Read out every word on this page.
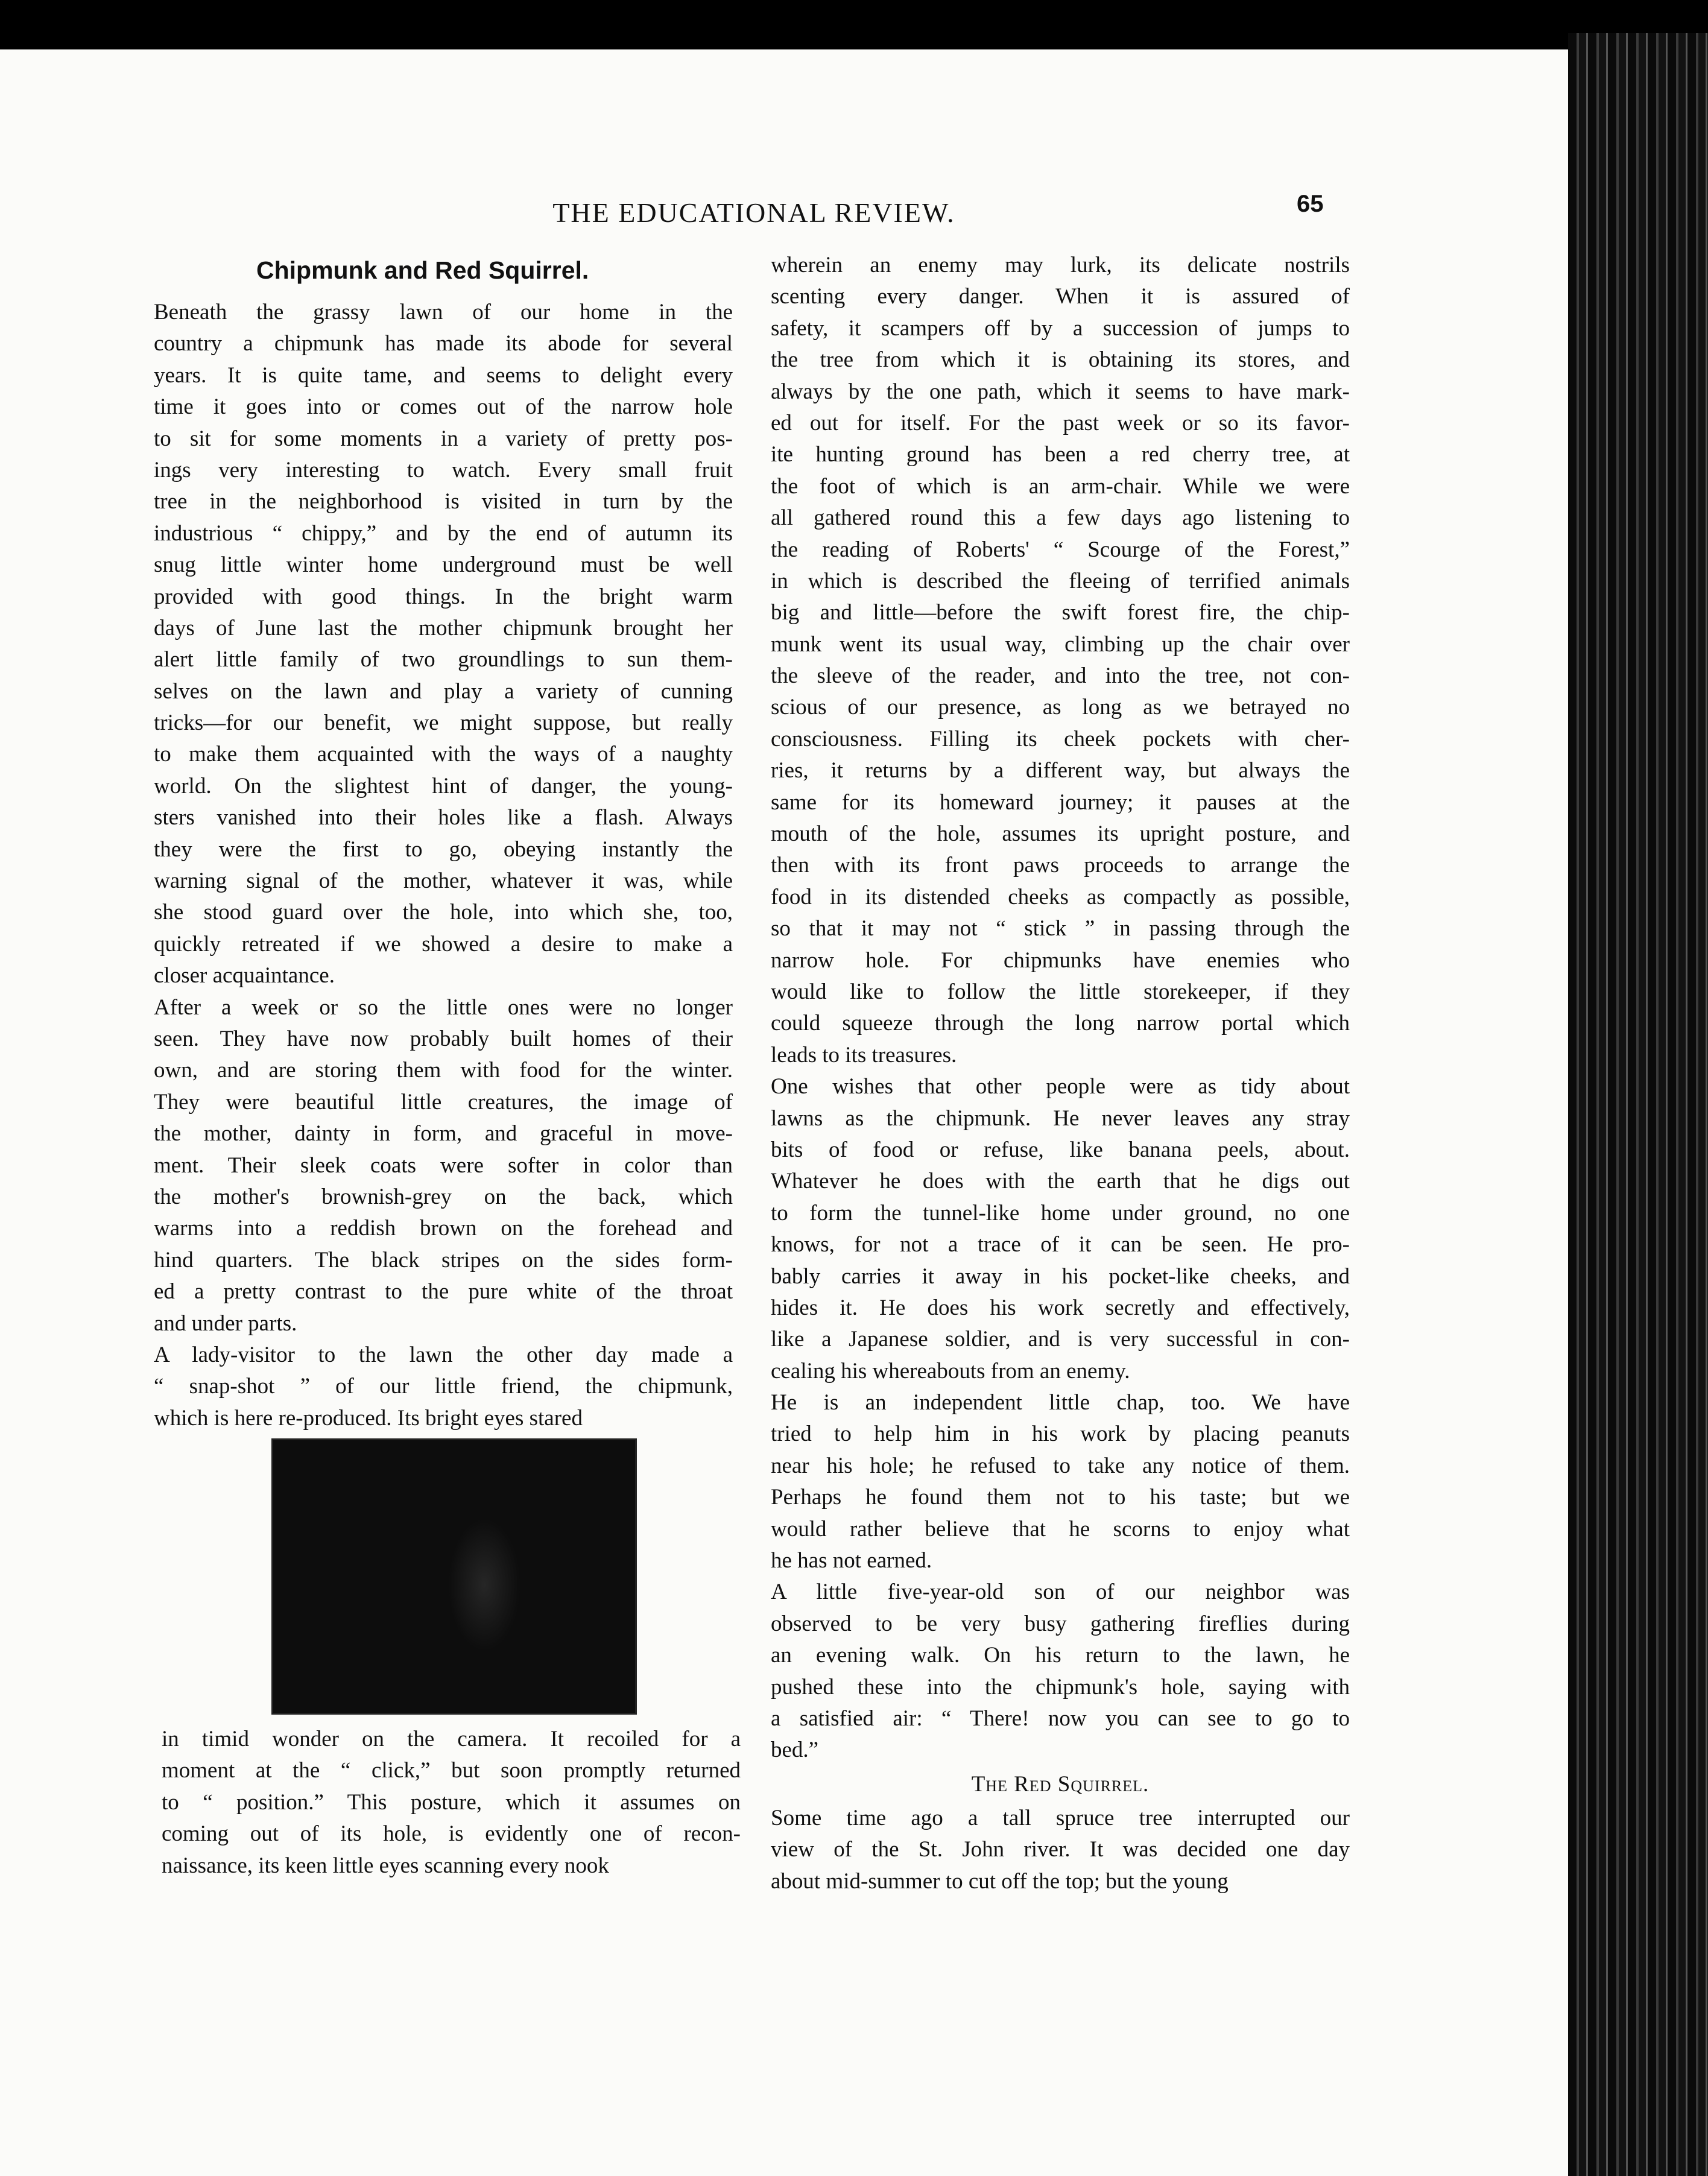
THE EDUCATIONAL REVIEW.	65
Chipmunk and Red Squirrel.
Beneath the grassy lawn of our home in the
country a chipmunk has made its abode for several
years. It is quite tame, and seems to delight every
time it goes into or comes out of the narrow hole
to sit for some moments in a variety of pretty pos-
ings very interesting to watch. Every small fruit
tree in the neighborhood is visited in turn by the
industrious “ chippy,” and by the end of autumn its
snug little winter home underground must be well
provided with good things. In the bright warm
days of June last the mother chipmunk brought her
alert little family of two groundlings to sun them-
selves on the lawn and play a variety of cunning
tricks—for our benefit, we might suppose, but really
to make them acquainted with the ways of a naughty
world. On the slightest hint of danger, the young-
sters vanished into their holes like a flash. Always
they were the first to go, obeying instantly the
warning signal of the mother, whatever it was, while
she stood guard over the hole, into which she, too,
quickly retreated if we showed a desire to make a
closer acquaintance.
After a week or so the little ones were no longer
seen. They have now probably built homes of their
own, and are storing them with food for the winter.
They were beautiful little creatures, the image of
the mother, dainty in form, and graceful in move-
ment. Their sleek coats were softer in color than
the mother's brownish-grey on the back, which
warms into a reddish brown on the forehead and
hind quarters. The black stripes on the sides form-
ed a pretty contrast to the pure white of the throat
and under parts.
A lady-visitor to the lawn the other day made a
“ snap-shot ” of our little friend, the chipmunk,
which is here re-produced. Its bright eyes stared
in timid wonder on the camera. It recoiled for a
moment at the “ click,” but soon promptly returned
to “ position.” This posture, which it assumes on
coming out of its hole, is evidently one of recon-
naissance, its keen little eyes scanning every nook
wherein an enemy may lurk, its delicate nostrils
scenting every danger. When it is assured of
safety, it scampers off by a succession of jumps to
the tree from which it is obtaining its stores, and
always by the one path, which it seems to have mark-
ed out for itself. For the past week or so its favor-
ite hunting ground has been a red cherry tree, at
the foot of which is an arm-chair. While we were
all gathered round this a few days ago listening to
the reading of Roberts' “ Scourge of the Forest,”
in which is described the fleeing of terrified animals
big and little—before the swift forest fire, the chip-
munk went its usual way, climbing up the chair over
the sleeve of the reader, and into the tree, not con-
scious of our presence, as long as we betrayed no
consciousness. Filling its cheek pockets with cher-
ries, it returns by a different way, but always the
same for its homeward journey; it pauses at the
mouth of the hole, assumes its upright posture, and
then with its front paws proceeds to arrange the
food in its distended cheeks as compactly as possible,
so that it may not “ stick ” in passing through the
narrow hole. For chipmunks have enemies who
would like to follow the little storekeeper, if they
could squeeze through the long narrow portal which
leads to its treasures.
One wishes that other people were as tidy about
lawns as the chipmunk. He never leaves any stray
bits of food or refuse, like banana peels, about.
Whatever he does with the earth that he digs out
to form the tunnel-like home under ground, no one
knows, for not a trace of it can be seen. He pro-
bably carries it away in his pocket-like cheeks, and
hides it. He does his work secretly and effectively,
like a Japanese soldier, and is very successful in con-
cealing his whereabouts from an enemy.
He is an independent little chap, too. We have
tried to help him in his work by placing peanuts
near his hole; he refused to take any notice of them.
Perhaps he found them not to his taste; but we
would rather believe that he scorns to enjoy what
he has not earned.
A little five-year-old son of our neighbor was
observed to be very busy gathering fireflies during
an evening walk. On his return to the lawn, he
pushed these into the chipmunk's hole, saying with
a satisfied air: “ There! now you can see to go to
bed.”
The Red Squirrel.
Some time ago a tall spruce tree interrupted our
view of the St. John river. It was decided one day
about mid-summer to cut off the top; but the young
